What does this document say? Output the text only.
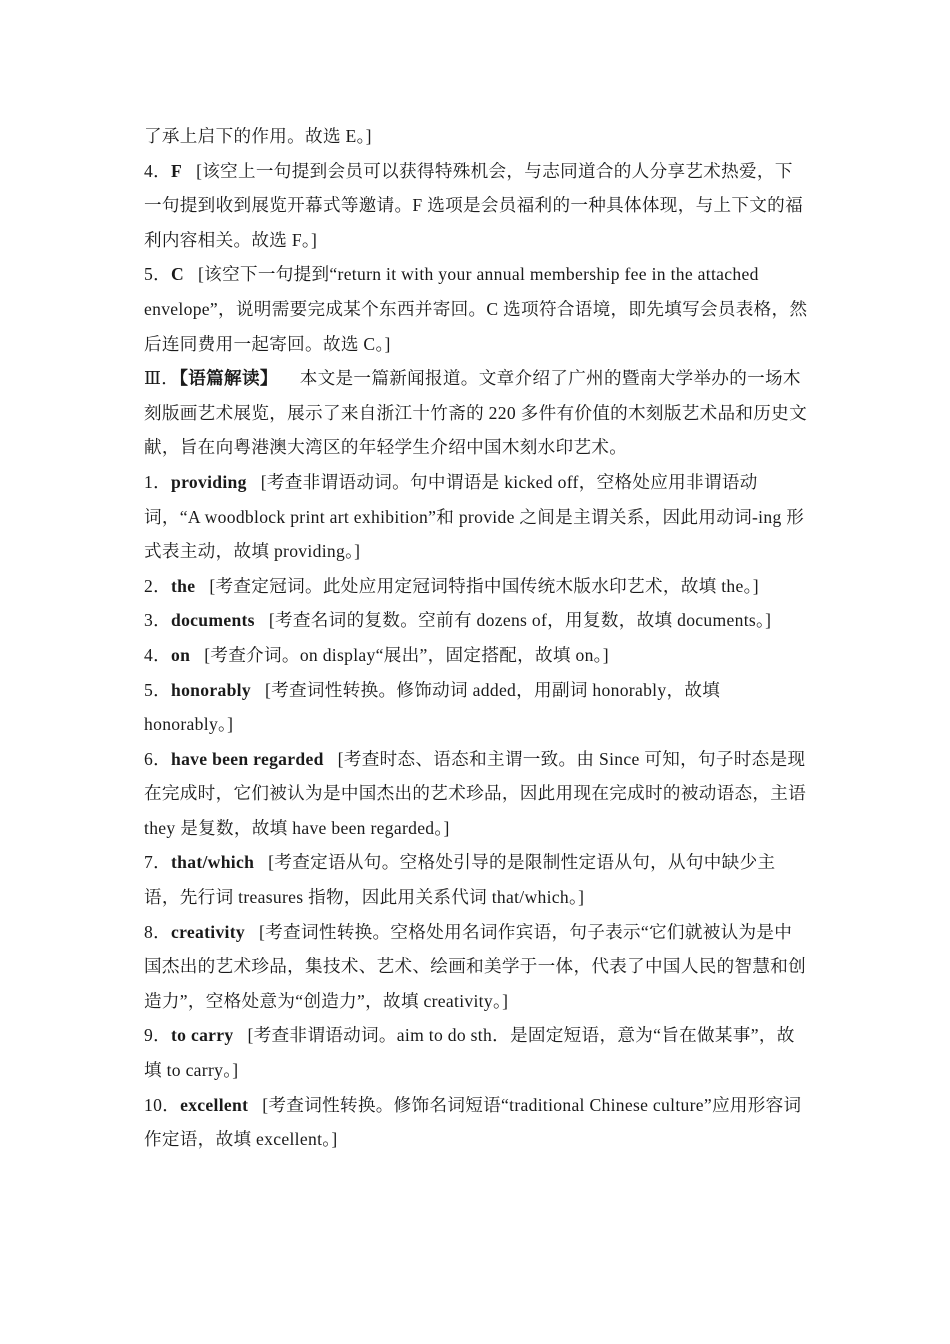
了承上启下的作用。故选 E。]

4．F [该空上一句提到会员可以获得特殊机会，与志同道合的人分享艺术热爱，下一句提到收到展览开幕式等邀请。F 选项是会员福利的一种具体体现，与上下文的福利内容相关。故选 F。]

5．C [该空下一句提到“return it with your annual membership fee in the attached envelope”，说明需要完成某个东西并寄回。C 选项符合语境，即先填写会员表格，然后连同费用一起寄回。故选 C。]

Ⅲ．【语篇解读】 本文是一篇新闻报道。文章介绍了广州的暨南大学举办的一场木刻版画艺术展览，展示了来自浙江十竹斋的 220 多件有价值的木刻版艺术品和历史文献，旨在向粤港澳大湾区的年轻学生介绍中国木刻水印艺术。

1．providing [考查非谓语动词。句中谓语是 kicked off，空格处应用非谓语动词，“A woodblock print art exhibition”和 provide 之间是主谓关系，因此用动词-ing 形式表主动，故填 providing。]

2．the [考查定冠词。此处应用定冠词特指中国传统木版水印艺术，故填 the。]

3．documents [考查名词的复数。空前有 dozens of，用复数，故填 documents。]

4．on [考查介词。on display“展出”，固定搭配，故填 on。]

5．honorably [考查词性转换。修饰动词 added，用副词 honorably，故填 honorably。]

6．have been regarded [考查时态、语态和主谓一致。由 Since 可知，句子时态是现在完成时，它们被认为是中国杰出的艺术珍品，因此用现在完成时的被动语态，主语 they 是复数，故填 have been regarded。]

7．that/which [考查定语从句。空格处引导的是限制性定语从句，从句中缺少主语，先行词 treasures 指物，因此用关系代词 that/which。]

8．creativity [考查词性转换。空格处用名词作宾语，句子表示“它们就被认为是中国杰出的艺术珍品，集技术、艺术、绘画和美学于一体，代表了中国人民的智慧和创造力”，空格处意为“创造力”，故填 creativity。]

9．to carry [考查非谓语动词。aim to do sth．是固定短语，意为“旨在做某事”，故填 to carry。]

10．excellent [考查词性转换。修饰名词短语“traditional Chinese culture”应用形容词作定语，故填 excellent。]
